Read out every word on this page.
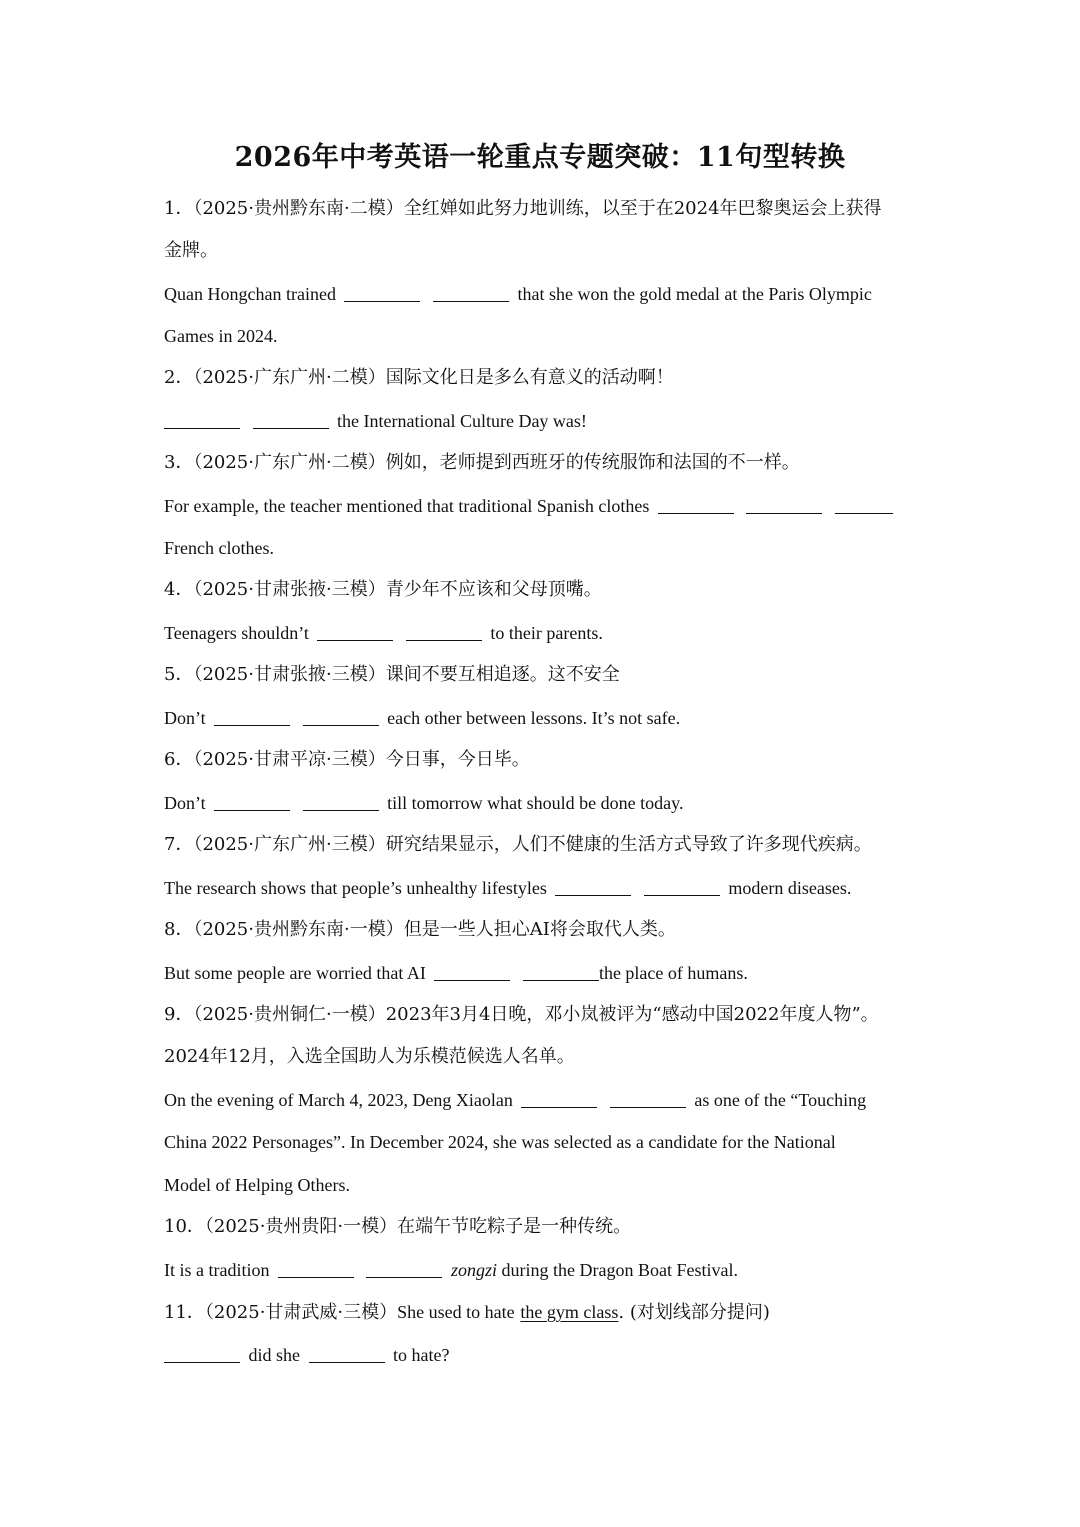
2026年中考英语一轮重点专题突破：11句型转换
1．（2025·贵州黔东南·二模）全红婵如此努力地训练，以至于在2024年巴黎奥运会上获得
金牌。
Quan Hongchan trained	that she won the gold medal at the Paris Olympic
Games in 2024.
2．（2025·广东广州·二模）国际文化日是多么有意义的活动啊！
the International Culture Day was!
3．（2025·广东广州·二模）例如，老师提到西班牙的传统服饰和法国的不一样。
For example, the teacher mentioned that traditional Spanish clothes
French clothes.
4．（2025·甘肃张掖·三模）青少年不应该和父母顶嘴。
Teenagers shouldn’t	to their parents.
5．（2025·甘肃张掖·三模）课间不要互相追逐。这不安全
Don’t	each other between lessons. It’s not safe.
6．（2025·甘肃平凉·三模）今日事，今日毕。
Don’t	till tomorrow what should be done today.
7．（2025·广东广州·三模）研究结果显示，人们不健康的生活方式导致了许多现代疾病。
The research shows that people’s unhealthy lifestyles	modern diseases.
8．（2025·贵州黔东南·一模）但是一些人担心AI将会取代人类。
But some people are worried that AI	the place of humans.
9．（2025·贵州铜仁·一模）2023年3月4日晚，邓小岚被评为“感动中国2022年度人物”。
2024年12月，入选全国助人为乐模范候选人名单。
On the evening of March 4, 2023, Deng Xiaolan	as one of the “Touching
China 2022 Personages”. In December 2024, she was selected as a candidate for the National
Model of Helping Others.
10．（2025·贵州贵阳·一模）在端午节吃粽子是一种传统。
It is a tradition	zongzi during the Dragon Boat Festival.
11．（2025·甘肃武威·三模）She used to hate the gym class. (对划线部分提问)
did she	to hate?
